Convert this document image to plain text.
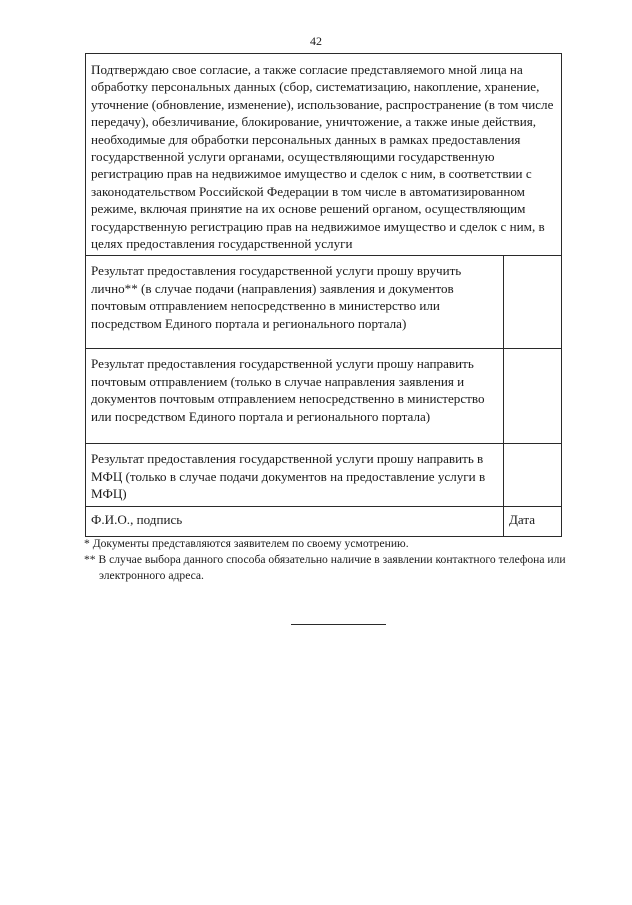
42
Подтверждаю свое согласие, а также согласие представляемого мной лица на обработку персональных данных (сбор, систематизацию, накопление, хранение, уточнение (обновление, изменение), использование, распространение (в том числе передачу), обезличивание, блокирование, уничтожение, а также иные действия, необходимые для обработки персональных данных в рамках предоставления государственной услуги органами, осуществляющими государственную регистрацию прав на недвижимое имущество и сделок с ним, в соответствии с законодательством Российской Федерации в том числе в автоматизированном режиме, включая принятие на их основе решений органом, осуществляющим государственную регистрацию прав на недвижимое имущество и сделок с ним, в целях предоставления государственной услуги	
Результат предоставления государственной услуги прошу вручить лично** (в случае подачи (направления) заявления и документов почтовым отправлением непосредственно в министерство или посредством Единого портала и регионального портала)	
Результат предоставления государственной услуги прошу направить почтовым отправлением (только в случае направления заявления и документов почтовым отправлением непосредственно в министерство или посредством Единого портала и регионального портала)	
Результат предоставления государственной услуги прошу направить в МФЦ (только в случае подачи документов на предоставление услуги в МФЦ)	
Ф.И.О., подпись	Дата
* Документы представляются заявителем по своему усмотрению.
** В случае выбора данного способа обязательно наличие в заявлении контактного телефона или электронного адреса.
